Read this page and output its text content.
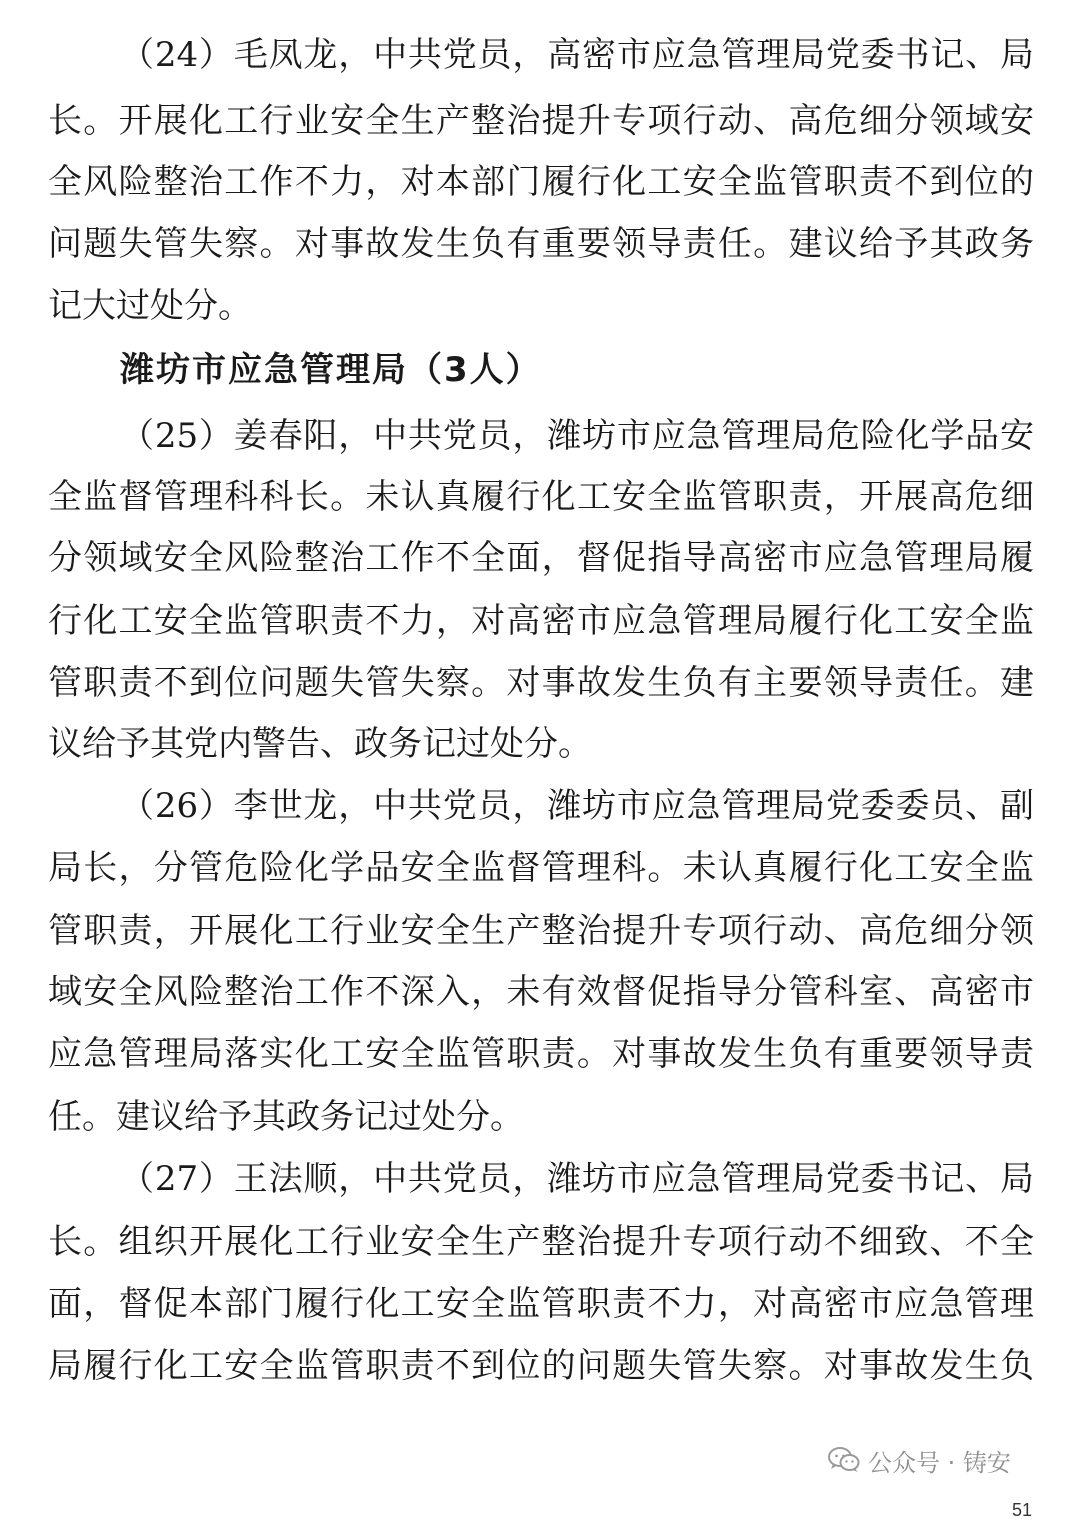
（24）毛凤龙，中共党员，高密市应急管理局党委书记、局
长。开展化工行业安全生产整治提升专项行动、高危细分领域安
全风险整治工作不力，对本部门履行化工安全监管职责不到位的
问题失管失察。对事故发生负有重要领导责任。建议给予其政务
记大过处分。
潍坊市应急管理局（3人）
（25）姜春阳，中共党员，潍坊市应急管理局危险化学品安
全监督管理科科长。未认真履行化工安全监管职责，开展高危细
分领域安全风险整治工作不全面，督促指导高密市应急管理局履
行化工安全监管职责不力，对高密市应急管理局履行化工安全监
管职责不到位问题失管失察。对事故发生负有主要领导责任。建
议给予其党内警告、政务记过处分。
（26）李世龙，中共党员，潍坊市应急管理局党委委员、副
局长，分管危险化学品安全监督管理科。未认真履行化工安全监
管职责，开展化工行业安全生产整治提升专项行动、高危细分领
域安全风险整治工作不深入，未有效督促指导分管科室、高密市
应急管理局落实化工安全监管职责。对事故发生负有重要领导责
任。建议给予其政务记过处分。
（27）王法顺，中共党员，潍坊市应急管理局党委书记、局
长。组织开展化工行业安全生产整治提升专项行动不细致、不全
面，督促本部门履行化工安全监管职责不力，对高密市应急管理
局履行化工安全监管职责不到位的问题失管失察。对事故发生负
公众号 · 铸安
51
